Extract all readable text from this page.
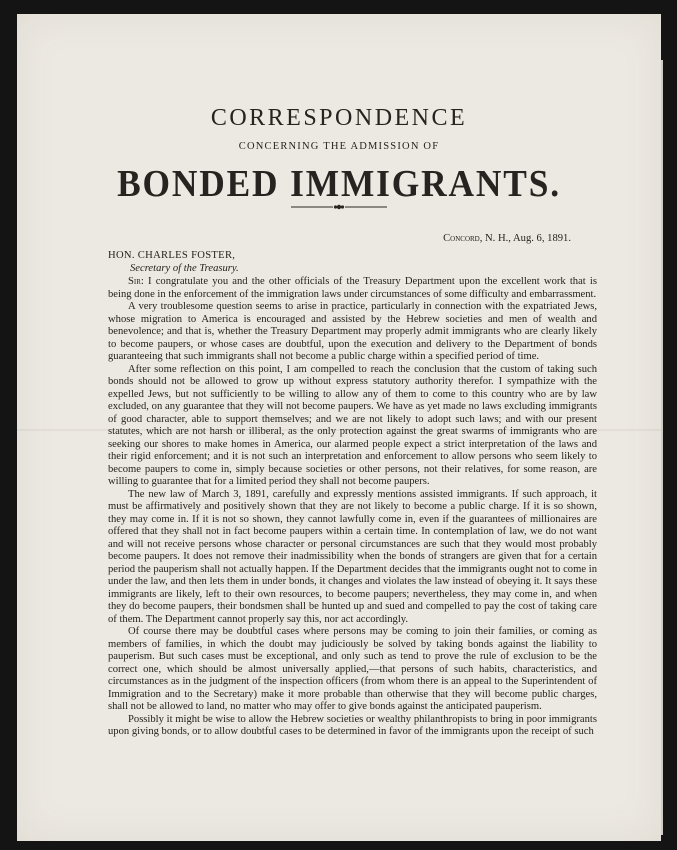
CORRESPONDENCE
CONCERNING THE ADMISSION OF
BONDED IMMIGRANTS.
Concord, N. H., Aug. 6, 1891.
HON. CHARLES FOSTER,
Secretary of the Treasury.

Sir: I congratulate you and the other officials of the Treasury Department upon the excellent work that is being done in the enforcement of the immigration laws under circumstances of some difficulty and embarrassment.

A very troublesome question seems to arise in practice, particularly in connection with the expatriated Jews, whose migration to America is encouraged and assisted by the Hebrew societies and men of wealth and benevolence; and that is, whether the Treasury Department may properly admit immigrants who are clearly likely to become paupers, or whose cases are doubtful, upon the execution and delivery to the Department of bonds guaranteeing that such immigrants shall not become a public charge within a specified period of time.

After some reflection on this point, I am compelled to reach the conclusion that the custom of taking such bonds should not be allowed to grow up without express statutory authority therefor. I sympathize with the expelled Jews, but not sufficiently to be willing to allow any of them to come to this country who are by law excluded, on any guarantee that they will not become paupers. We have as yet made no laws excluding immigrants of good character, able to support themselves; and we are not likely to adopt such laws; and with our present statutes, which are not harsh or illiberal, as the only protection against the great swarms of immigrants who are seeking our shores to make homes in America, our alarmed people expect a strict interpretation of the laws and their rigid enforcement; and it is not such an interpretation and enforcement to allow persons who seem likely to become paupers to come in, simply because societies or other persons, not their relatives, for some reason, are willing to guarantee that for a limited period they shall not become paupers.

The new law of March 3, 1891, carefully and expressly mentions assisted immigrants. If such approach, it must be affirmatively and positively shown that they are not likely to become a public charge. If it is so shown, they may come in. If it is not so shown, they cannot lawfully come in, even if the guarantees of millionaires are offered that they shall not in fact become paupers within a certain time. In contemplation of law, we do not want and will not receive persons whose character or personal circumstances are such that they would most probably become paupers. It does not remove their inadmissibility when the bonds of strangers are given that for a certain period the pauperism shall not actually happen. If the Department decides that the immigrants ought not to come in under the law, and then lets them in under bonds, it changes and violates the law instead of obeying it. It says these immigrants are likely, left to their own resources, to become paupers; nevertheless, they may come in, and when they do become paupers, their bondsmen shall be hunted up and sued and compelled to pay the cost of taking care of them. The Department cannot properly say this, nor act accordingly.

Of course there may be doubtful cases where persons may be coming to join their families, or coming as members of families, in which the doubt may judiciously be solved by taking bonds against the liability to pauperism. But such cases must be exceptional, and only such as tend to prove the rule of exclusion to be the correct one, which should be almost universally applied,—that persons of such habits, characteristics, and circumstances as in the judgment of the inspection officers (from whom there is an appeal to the Superintendent of Immigration and to the Secretary) make it more probable than otherwise that they will become public charges, shall not be allowed to land, no matter who may offer to give bonds against the anticipated pauperism.

Possibly it might be wise to allow the Hebrew societies or wealthy philanthropists to bring in poor immigrants upon giving bonds, or to allow doubtful cases to be determined in favor of the immigrants upon the receipt of such
